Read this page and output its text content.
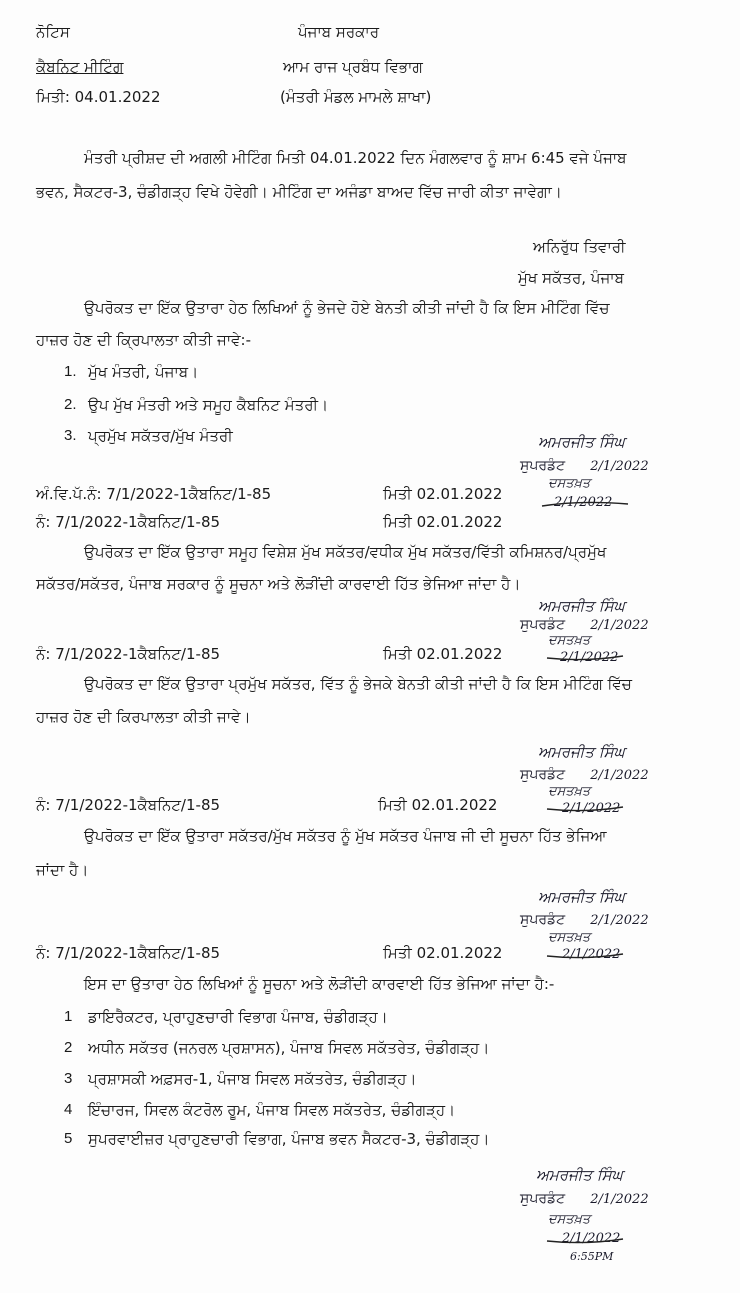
ਨੋਟਿਸ
ਕੈਬਨਿਟ ਮੀਟਿੰਗ
ਮਿਤੀ: 04.01.2022
ਪੰਜਾਬ ਸਰਕਾਰ
ਆਮ ਰਾਜ ਪ੍ਰਬੰਧ ਵਿਭਾਗ
(ਮੰਤਰੀ ਮੰਡਲ ਮਾਮਲੇ ਸ਼ਾਖਾ)
ਮੰਤਰੀ ਪ੍ਰੀਸ਼ਦ ਦੀ ਅਗਲੀ ਮੀਟਿੰਗ ਮਿਤੀ 04.01.2022 ਦਿਨ ਮੰਗਲਵਾਰ ਨੂੰ ਸ਼ਾਮ 6:45 ਵਜੇ ਪੰਜਾਬ
ਭਵਨ, ਸੈਕਟਰ-3, ਚੰਡੀਗੜ੍ਹ ਵਿਖੇ ਹੋਵੇਗੀ। ਮੀਟਿੰਗ ਦਾ ਅਜੰਡਾ ਬਾਅਦ ਵਿੱਚ ਜਾਰੀ ਕੀਤਾ ਜਾਵੇਗਾ।
ਅਨਿਰੁੱਧ ਤਿਵਾਰੀ
ਮੁੱਖ ਸਕੱਤਰ, ਪੰਜਾਬ
ਉਪਰੋਕਤ ਦਾ ਇੱਕ ਉਤਾਰਾ ਹੇਠ ਲਿਖਿਆਂ ਨੂੰ ਭੇਜਦੇ ਹੋਏ ਬੇਨਤੀ ਕੀਤੀ ਜਾਂਦੀ ਹੈ ਕਿ ਇਸ ਮੀਟਿੰਗ ਵਿੱਚ
ਹਾਜ਼ਰ ਹੋਣ ਦੀ ਕ੍ਰਿਪਾਲਤਾ ਕੀਤੀ ਜਾਵੇ:-
1. ਮੁੱਖ ਮੰਤਰੀ, ਪੰਜਾਬ।
2. ਉਪ ਮੁੱਖ ਮੰਤਰੀ ਅਤੇ ਸਮੂਹ ਕੈਬਨਿਟ ਮੰਤਰੀ।
3. ਪ੍ਰਮੁੱਖ ਸਕੱਤਰ/ਮੁੱਖ ਮੰਤਰੀ	ਅਮਰਜੀਤ ਸਿੰਘ
ਸੁਪਰਡੰਟ 2/1/2022
ਦਸਤਖ਼ਤ
2/1/2022
ਅੰ.ਵਿ.ਪੱ.ਨੰ: 7/1/2022-1ਕੈਬਨਿਟ/1-85	ਮਿਤੀ 02.01.2022
ਨੰ: 7/1/2022-1ਕੈਬਨਿਟ/1-85	ਮਿਤੀ 02.01.2022
ਉਪਰੋਕਤ ਦਾ ਇੱਕ ਉਤਾਰਾ ਸਮੂਹ ਵਿਸ਼ੇਸ਼ ਮੁੱਖ ਸਕੱਤਰ/ਵਧੀਕ ਮੁੱਖ ਸਕੱਤਰ/ਵਿੱਤੀ ਕਮਿਸ਼ਨਰ/ਪ੍ਰਮੁੱਖ
ਸਕੱਤਰ/ਸਕੱਤਰ, ਪੰਜਾਬ ਸਰਕਾਰ ਨੂੰ ਸੂਚਨਾ ਅਤੇ ਲੋੜੀਂਦੀ ਕਾਰਵਾਈ ਹਿੱਤ ਭੇਜਿਆ ਜਾਂਦਾ ਹੈ।
ਅਮਰਜੀਤ ਸਿੰਘ
ਸੁਪਰਡੰਟ 2/1/2022
ਦਸਤਖ਼ਤ
2/1/2022
ਨੰ: 7/1/2022-1ਕੈਬਨਿਟ/1-85	ਮਿਤੀ 02.01.2022
ਉਪਰੋਕਤ ਦਾ ਇੱਕ ਉਤਾਰਾ ਪ੍ਰਮੁੱਖ ਸਕੱਤਰ, ਵਿੱਤ ਨੂੰ ਭੇਜਕੇ ਬੇਨਤੀ ਕੀਤੀ ਜਾਂਦੀ ਹੈ ਕਿ ਇਸ ਮੀਟਿੰਗ ਵਿੱਚ
ਹਾਜ਼ਰ ਹੋਣ ਦੀ ਕਿਰਪਾਲਤਾ ਕੀਤੀ ਜਾਵੇ।
ਅਮਰਜੀਤ ਸਿੰਘ
ਸੁਪਰਡੰਟ 2/1/2022
ਦਸਤਖ਼ਤ
2/1/2022
ਨੰ: 7/1/2022-1ਕੈਬਨਿਟ/1-85	ਮਿਤੀ 02.01.2022
ਉਪਰੋਕਤ ਦਾ ਇੱਕ ਉਤਾਰਾ ਸਕੱਤਰ/ਮੁੱਖ ਸਕੱਤਰ ਨੂੰ ਮੁੱਖ ਸਕੱਤਰ ਪੰਜਾਬ ਜੀ ਦੀ ਸੂਚਨਾ ਹਿੱਤ ਭੇਜਿਆ
ਜਾਂਦਾ ਹੈ।
ਅਮਰਜੀਤ ਸਿੰਘ
ਸੁਪਰਡੰਟ 2/1/2022
ਦਸਤਖ਼ਤ
2/1/2022
ਨੰ: 7/1/2022-1ਕੈਬਨਿਟ/1-85	ਮਿਤੀ 02.01.2022
ਇਸ ਦਾ ਉਤਾਰਾ ਹੇਠ ਲਿਖਿਆਂ ਨੂੰ ਸੂਚਨਾ ਅਤੇ ਲੋੜੀਂਦੀ ਕਾਰਵਾਈ ਹਿੱਤ ਭੇਜਿਆ ਜਾਂਦਾ ਹੈ:-
1 ਡਾਇਰੈਕਟਰ, ਪ੍ਰਾਹੁਣਚਾਰੀ ਵਿਭਾਗ ਪੰਜਾਬ, ਚੰਡੀਗੜ੍ਹ।
2 ਅਧੀਨ ਸਕੱਤਰ (ਜਨਰਲ ਪ੍ਰਸ਼ਾਸਨ), ਪੰਜਾਬ ਸਿਵਲ ਸਕੱਤਰੇਤ, ਚੰਡੀਗੜ੍ਹ।
3 ਪ੍ਰਸ਼ਾਸਕੀ ਅਫ਼ਸਰ-1, ਪੰਜਾਬ ਸਿਵਲ ਸਕੱਤਰੇਤ, ਚੰਡੀਗੜ੍ਹ।
4 ਇੰਚਾਰਜ, ਸਿਵਲ ਕੰਟਰੋਲ ਰੂਮ, ਪੰਜਾਬ ਸਿਵਲ ਸਕੱਤਰੇਤ, ਚੰਡੀਗੜ੍ਹ।
5 ਸੁਪਰਵਾਈਜ਼ਰ ਪ੍ਰਾਹੁਣਚਾਰੀ ਵਿਭਾਗ, ਪੰਜਾਬ ਭਵਨ ਸੈਕਟਰ-3, ਚੰਡੀਗੜ੍ਹ।
ਅਮਰਜੀਤ ਸਿੰਘ
ਸੁਪਰਡੰਟ 2/1/2022
ਦਸਤਖ਼ਤ
2/1/2022
6:55PM
